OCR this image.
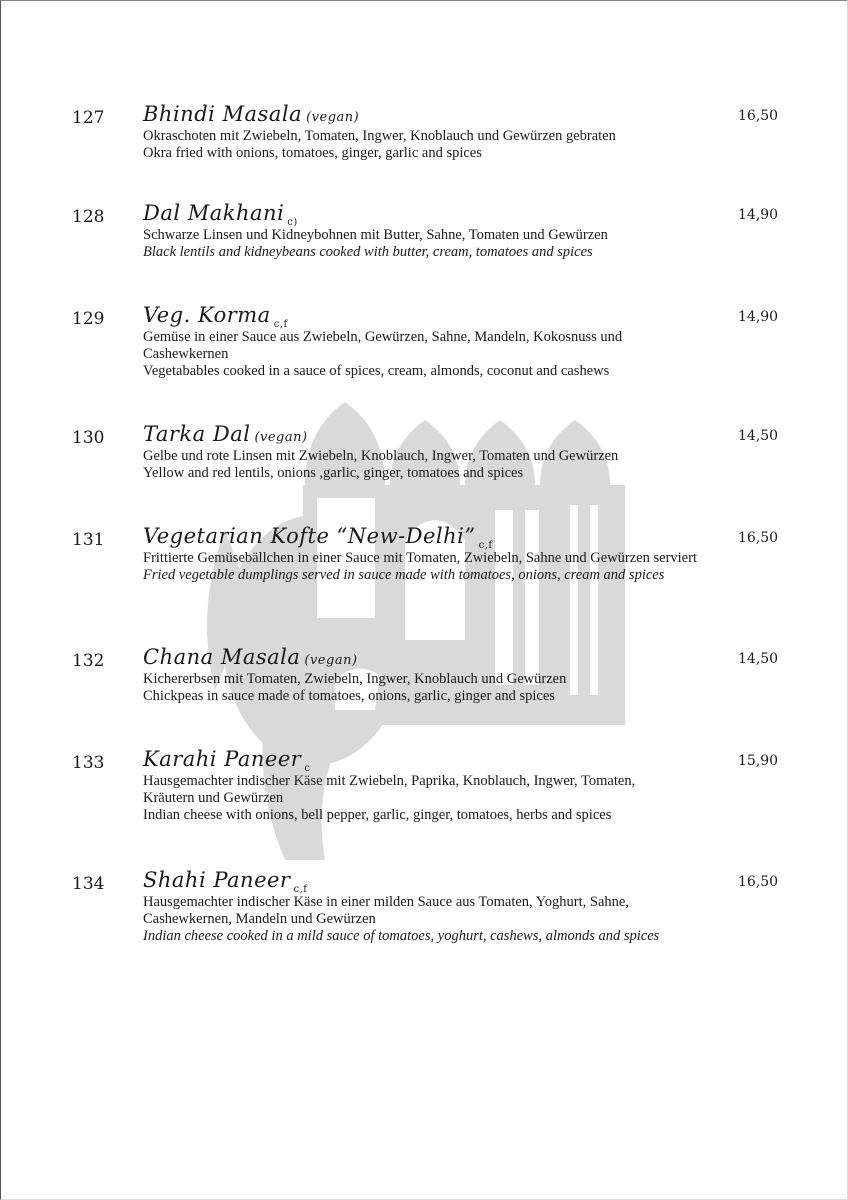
127 Bhindi Masala (vegan)	16,50

Okraschoten mit Zwiebeln, Tomaten, Ingwer, Knoblauch und Gewürzen gebraten

Okra fried with onions, tomatoes, ginger, garlic and spices

128 Dal Makhani $_{c)}$	14,90

Schwarze Linsen und Kidneybohnen mit Butter, Sahne, Tomaten und Gewürzen

Black lentils and kidneybeans cooked with butter, cream, tomatoes and spices

129 Veg. Korma $_{c,f}$	14,90

Gemüse in einer Sauce aus Zwiebeln, Gewürzen, Sahne, Mandeln, Kokosnuss und Cashewkernen

Vegetabables cooked in a sauce of spices, cream, almonds, coconut and cashews

130 Tarka Dal (vegan)	14,50

Gelbe und rote Linsen mit Zwiebeln, Knoblauch, Ingwer, Tomaten und Gewürzen

Yellow and red lentils, onions ,garlic, ginger, tomatoes and spices

131 Vegetarian Kofte “New-Delhi” $_{c,f}$	16,50

Frittierte Gemüsebällchen in einer Sauce mit Tomaten, Zwiebeln, Sahne und Gewürzen serviert

Fried vegetable dumplings served in sauce made with tomatoes, onions, cream and spices

132 Chana Masala (vegan)	14,50

Kichererbsen mit Tomaten, Zwiebeln, Ingwer, Knoblauch und Gewürzen

Chickpeas in sauce made of tomatoes, onions, garlic, ginger and spices

133 Karahi Paneer $_c$	15,90

Hausgemachter indischer Käse mit Zwiebeln, Paprika, Knoblauch, Ingwer, Tomaten, Kräutern und Gewürzen

Indian cheese with onions, bell pepper, garlic, ginger, tomatoes, herbs and spices

134 Shahi Paneer $_{c,f}$	16,50

Hausgemachter indischer Käse in einer milden Sauce aus Tomaten, Yoghurt, Sahne, Cashewkernen, Mandeln und Gewürzen

Indian cheese cooked in a mild sauce of tomatoes, yoghurt, cashews, almonds and spices
